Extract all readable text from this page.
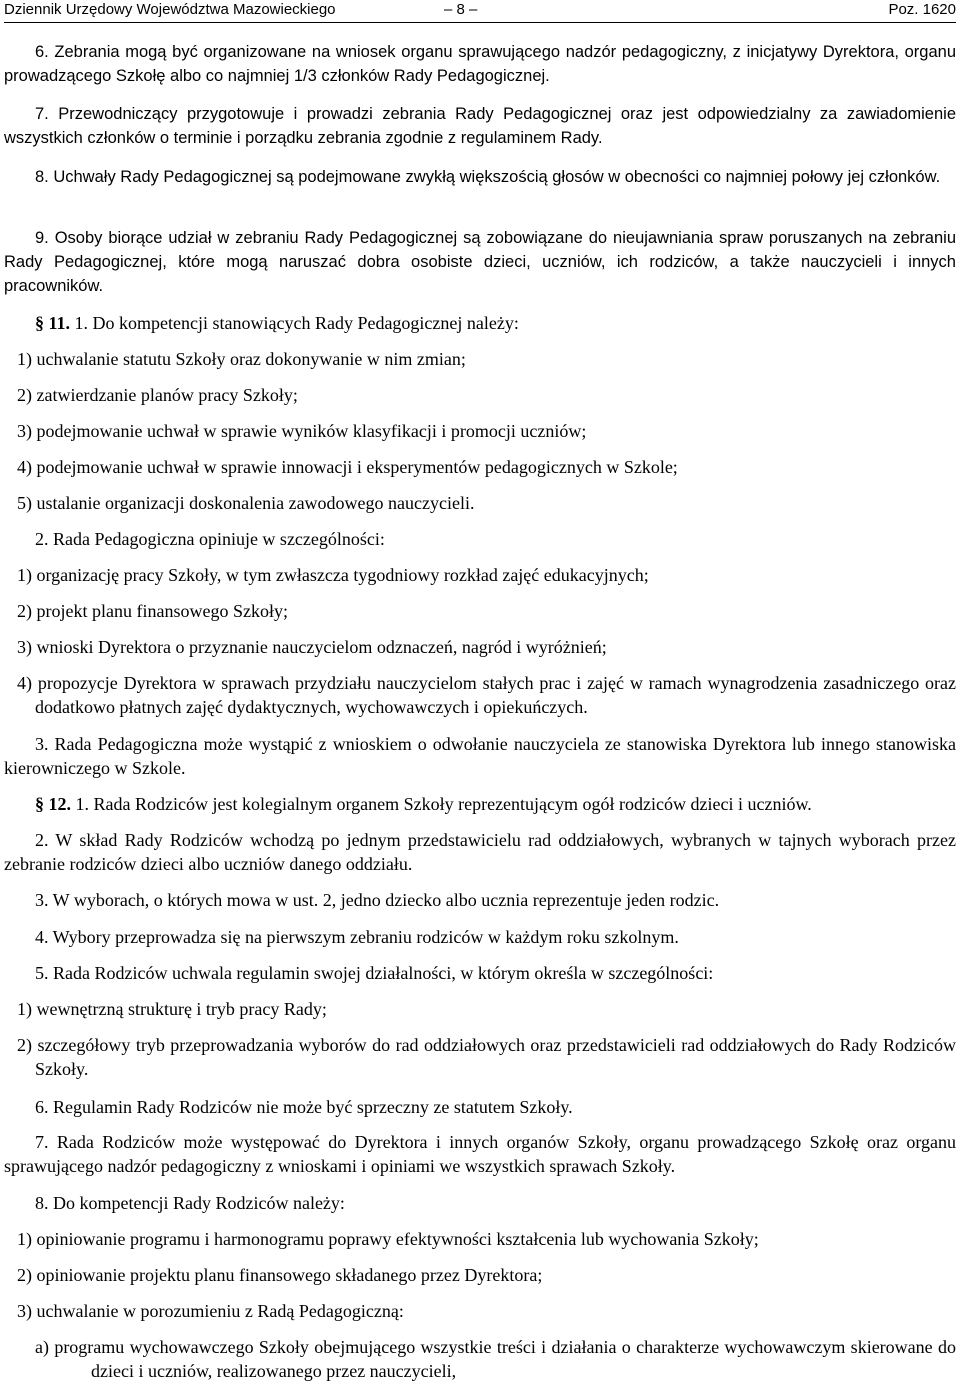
Dziennik Urzędowy Województwa Mazowieckiego	– 8 –	Poz. 1620

6. Zebrania mogą być organizowane na wniosek organu sprawującego nadzór pedagogiczny, z inicjatywy Dyrektora, organu prowadzącego Szkołę albo co najmniej 1/3 członków Rady Pedagogicznej.

7. Przewodniczący przygotowuje i prowadzi zebrania Rady Pedagogicznej oraz jest odpowiedzialny za zawiadomienie wszystkich członków o terminie i porządku zebrania zgodnie z regulaminem Rady.

8. Uchwały Rady Pedagogicznej są podejmowane zwykłą większością głosów w obecności co najmniej połowy jej członków.

9. Osoby biorące udział w zebraniu Rady Pedagogicznej są zobowiązane do nieujawniania spraw poruszanych na zebraniu Rady Pedagogicznej, które mogą naruszać dobra osobiste dzieci, uczniów, ich rodziców, a także nauczycieli i innych pracowników.

§ 11. 1. Do kompetencji stanowiących Rady Pedagogicznej należy:

1) uchwalanie statutu Szkoły oraz dokonywanie w nim zmian;

2) zatwierdzanie planów pracy Szkoły;

3) podejmowanie uchwał w sprawie wyników klasyfikacji i promocji uczniów;

4) podejmowanie uchwał w sprawie innowacji i eksperymentów pedagogicznych w Szkole;

5) ustalanie organizacji doskonalenia zawodowego nauczycieli.

2. Rada Pedagogiczna opiniuje w szczególności:

1) organizację pracy Szkoły, w tym zwłaszcza tygodniowy rozkład zajęć edukacyjnych;

2) projekt planu finansowego Szkoły;

3) wnioski Dyrektora o przyznanie nauczycielom odznaczeń, nagród i wyróżnień;

4) propozycje Dyrektora w sprawach przydziału nauczycielom stałych prac i zajęć w ramach wynagrodzenia zasadniczego oraz dodatkowo płatnych zajęć dydaktycznych, wychowawczych i opiekuńczych.

3. Rada Pedagogiczna może wystąpić z wnioskiem o odwołanie nauczyciela ze stanowiska Dyrektora lub innego stanowiska kierowniczego w Szkole.

§ 12. 1. Rada Rodziców jest kolegialnym organem Szkoły reprezentującym ogół rodziców dzieci i uczniów.

2. W skład Rady Rodziców wchodzą po jednym przedstawicielu rad oddziałowych, wybranych w tajnych wyborach przez zebranie rodziców dzieci albo uczniów danego oddziału.

3. W wyborach, o których mowa w ust. 2, jedno dziecko albo ucznia reprezentuje jeden rodzic.

4. Wybory przeprowadza się na pierwszym zebraniu rodziców w każdym roku szkolnym.

5. Rada Rodziców uchwala regulamin swojej działalności, w którym określa w szczególności:

1) wewnętrzną strukturę i tryb pracy Rady;

2) szczegółowy tryb przeprowadzania wyborów do rad oddziałowych oraz przedstawicieli rad oddziałowych do Rady Rodziców Szkoły.

6. Regulamin Rady Rodziców nie może być sprzeczny ze statutem Szkoły.

7. Rada Rodziców może występować do Dyrektora i innych organów Szkoły, organu prowadzącego Szkołę oraz organu sprawującego nadzór pedagogiczny z wnioskami i opiniami we wszystkich sprawach Szkoły.

8. Do kompetencji Rady Rodziców należy:

1) opiniowanie programu i harmonogramu poprawy efektywności kształcenia lub wychowania Szkoły;

2) opiniowanie projektu planu finansowego składanego przez Dyrektora;

3) uchwalanie w porozumieniu z Radą Pedagogiczną:

a) programu wychowawczego Szkoły obejmującego wszystkie treści i działania o charakterze wychowawczym skierowane do dzieci i uczniów, realizowanego przez nauczycieli,
